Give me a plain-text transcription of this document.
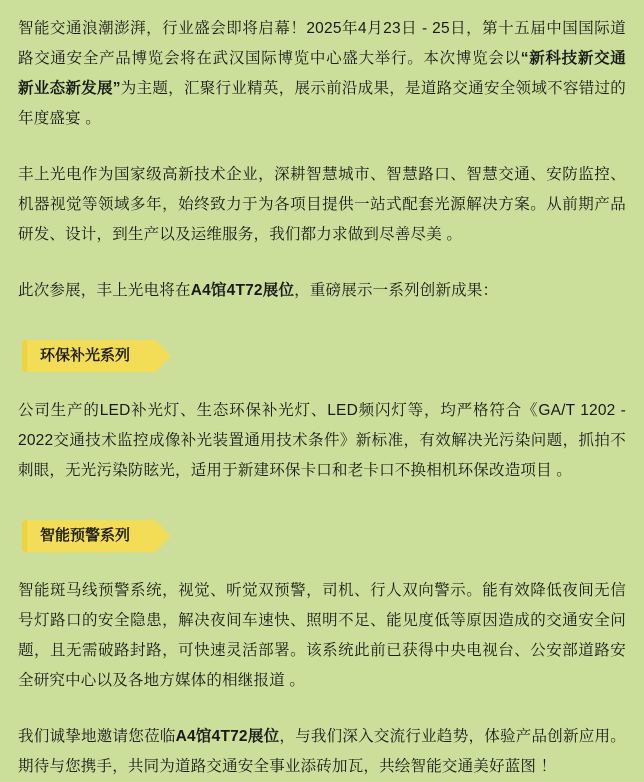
智能交通浪潮澎湃，行业盛会即将启幕！2025年4月23日 - 25日，第十五届中国国际道路交通安全产品博览会将在武汉国际博览中心盛大举行。本次博览会以“新科技新交通 新业态新发展”为主题，汇聚行业精英，展示前沿成果，是道路交通安全领域不容错过的年度盛宴 。

丰上光电作为国家级高新技术企业，深耕智慧城市、智慧路口、智慧交通、安防监控、机器视觉等领域多年，始终致力于为各项目提供一站式配套光源解决方案。从前期产品研发、设计，到生产以及运维服务，我们都力求做到尽善尽美 。

此次参展，丰上光电将在A4馆4T72展位，重磅展示一系列创新成果：

环保补光系列

公司生产的LED补光灯、生态环保补光灯、LED频闪灯等，均严格符合《GA/T 1202 - 2022交通技术监控成像补光装置通用技术条件》新标准，有效解决光污染问题，抓拍不刺眼，无光污染防眩光，适用于新建环保卡口和老卡口不换相机环保改造项目 。

智能预警系列

智能斑马线预警系统，视觉、听觉双预警，司机、行人双向警示。能有效降低夜间无信号灯路口的安全隐患，解决夜间车速快、照明不足、能见度低等原因造成的交通安全问题，且无需破路封路，可快速灵活部署。该系统此前已获得中央电视台、公安部道路安全研究中心以及各地方媒体的相继报道 。

我们诚挚地邀请您莅临A4馆4T72展位，与我们深入交流行业趋势，体验产品创新应用。期待与您携手，共同为道路交通安全事业添砖加瓦，共绘智能交通美好蓝图 ！
